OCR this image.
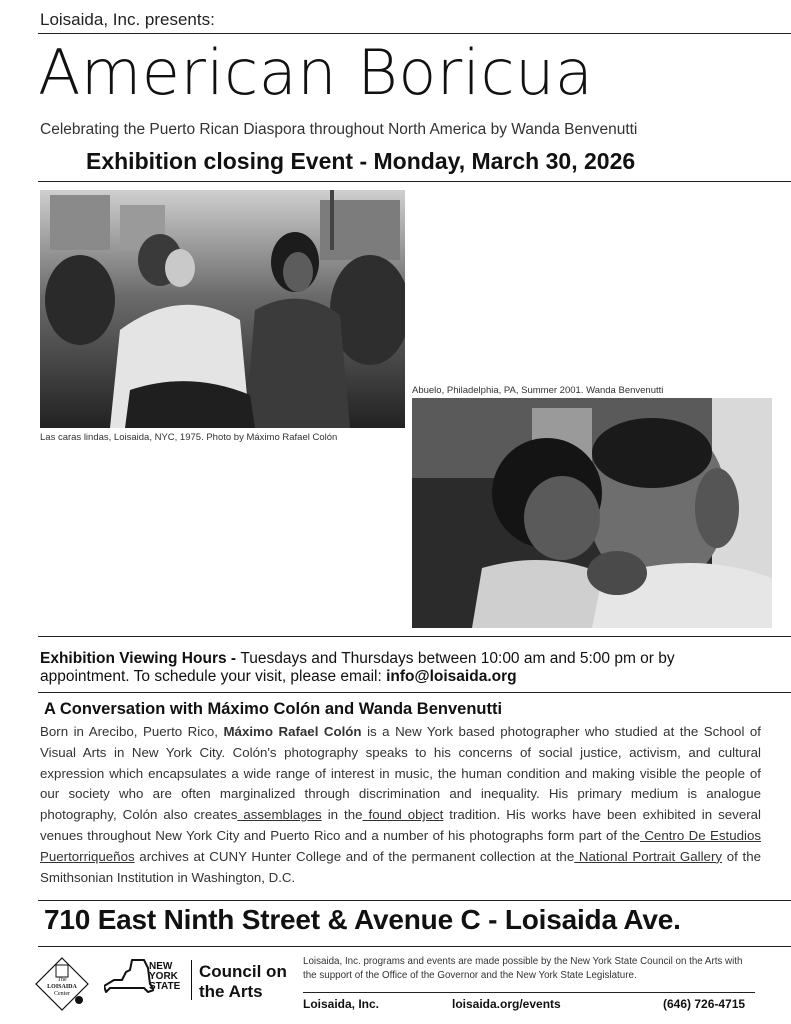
Loisaida, Inc. presents:
American Boricua
Celebrating the Puerto Rican Diaspora throughout North America by Wanda Benvenutti
Exhibition closing Event - Monday, March 30, 2026
Las caras lindas, Loisaida, NYC, 1975. Photo by Máximo Rafael Colón
Abuelo, Philadelphia, PA, Summer 2001. Wanda Benvenutti
Exhibition Viewing Hours - Tuesdays and Thursdays between 10:00 am and 5:00 pm or by appointment. To schedule your visit, please email: info@loisaida.org
A Conversation with Máximo Colón and Wanda Benvenutti
Born in Arecibo, Puerto Rico, Máximo Rafael Colón is a New York based photographer who studied at the School of Visual Arts in New York City. Colón's photography speaks to his concerns of social justice, activism, and cultural expression which encapsulates a wide range of interest in music, the human condition and making visible the people of our society who are often marginalized through discrimination and inequality. His primary medium is analogue photography, Colón also creates assemblages in the found object tradition. His works have been exhibited in several venues throughout New York City and Puerto Rico and a number of his photographs form part of the Centro De Estudios Puertorriqueños archives at CUNY Hunter College and of the permanent collection at the National Portrait Gallery of the Smithsonian Institution in Washington, D.C.
710 East Ninth Street & Avenue C - Loisaida Ave.
The
LOISAIDA
Center
NEW
YORK
STATE
Council on
the Arts
Loisaida, Inc. programs and events are made possible by the New York State Council on the Arts with the support of the Office of the Governor and the New York State Legislature.
Loisaida, Inc.	loisaida.org/events	(646) 726-4715
